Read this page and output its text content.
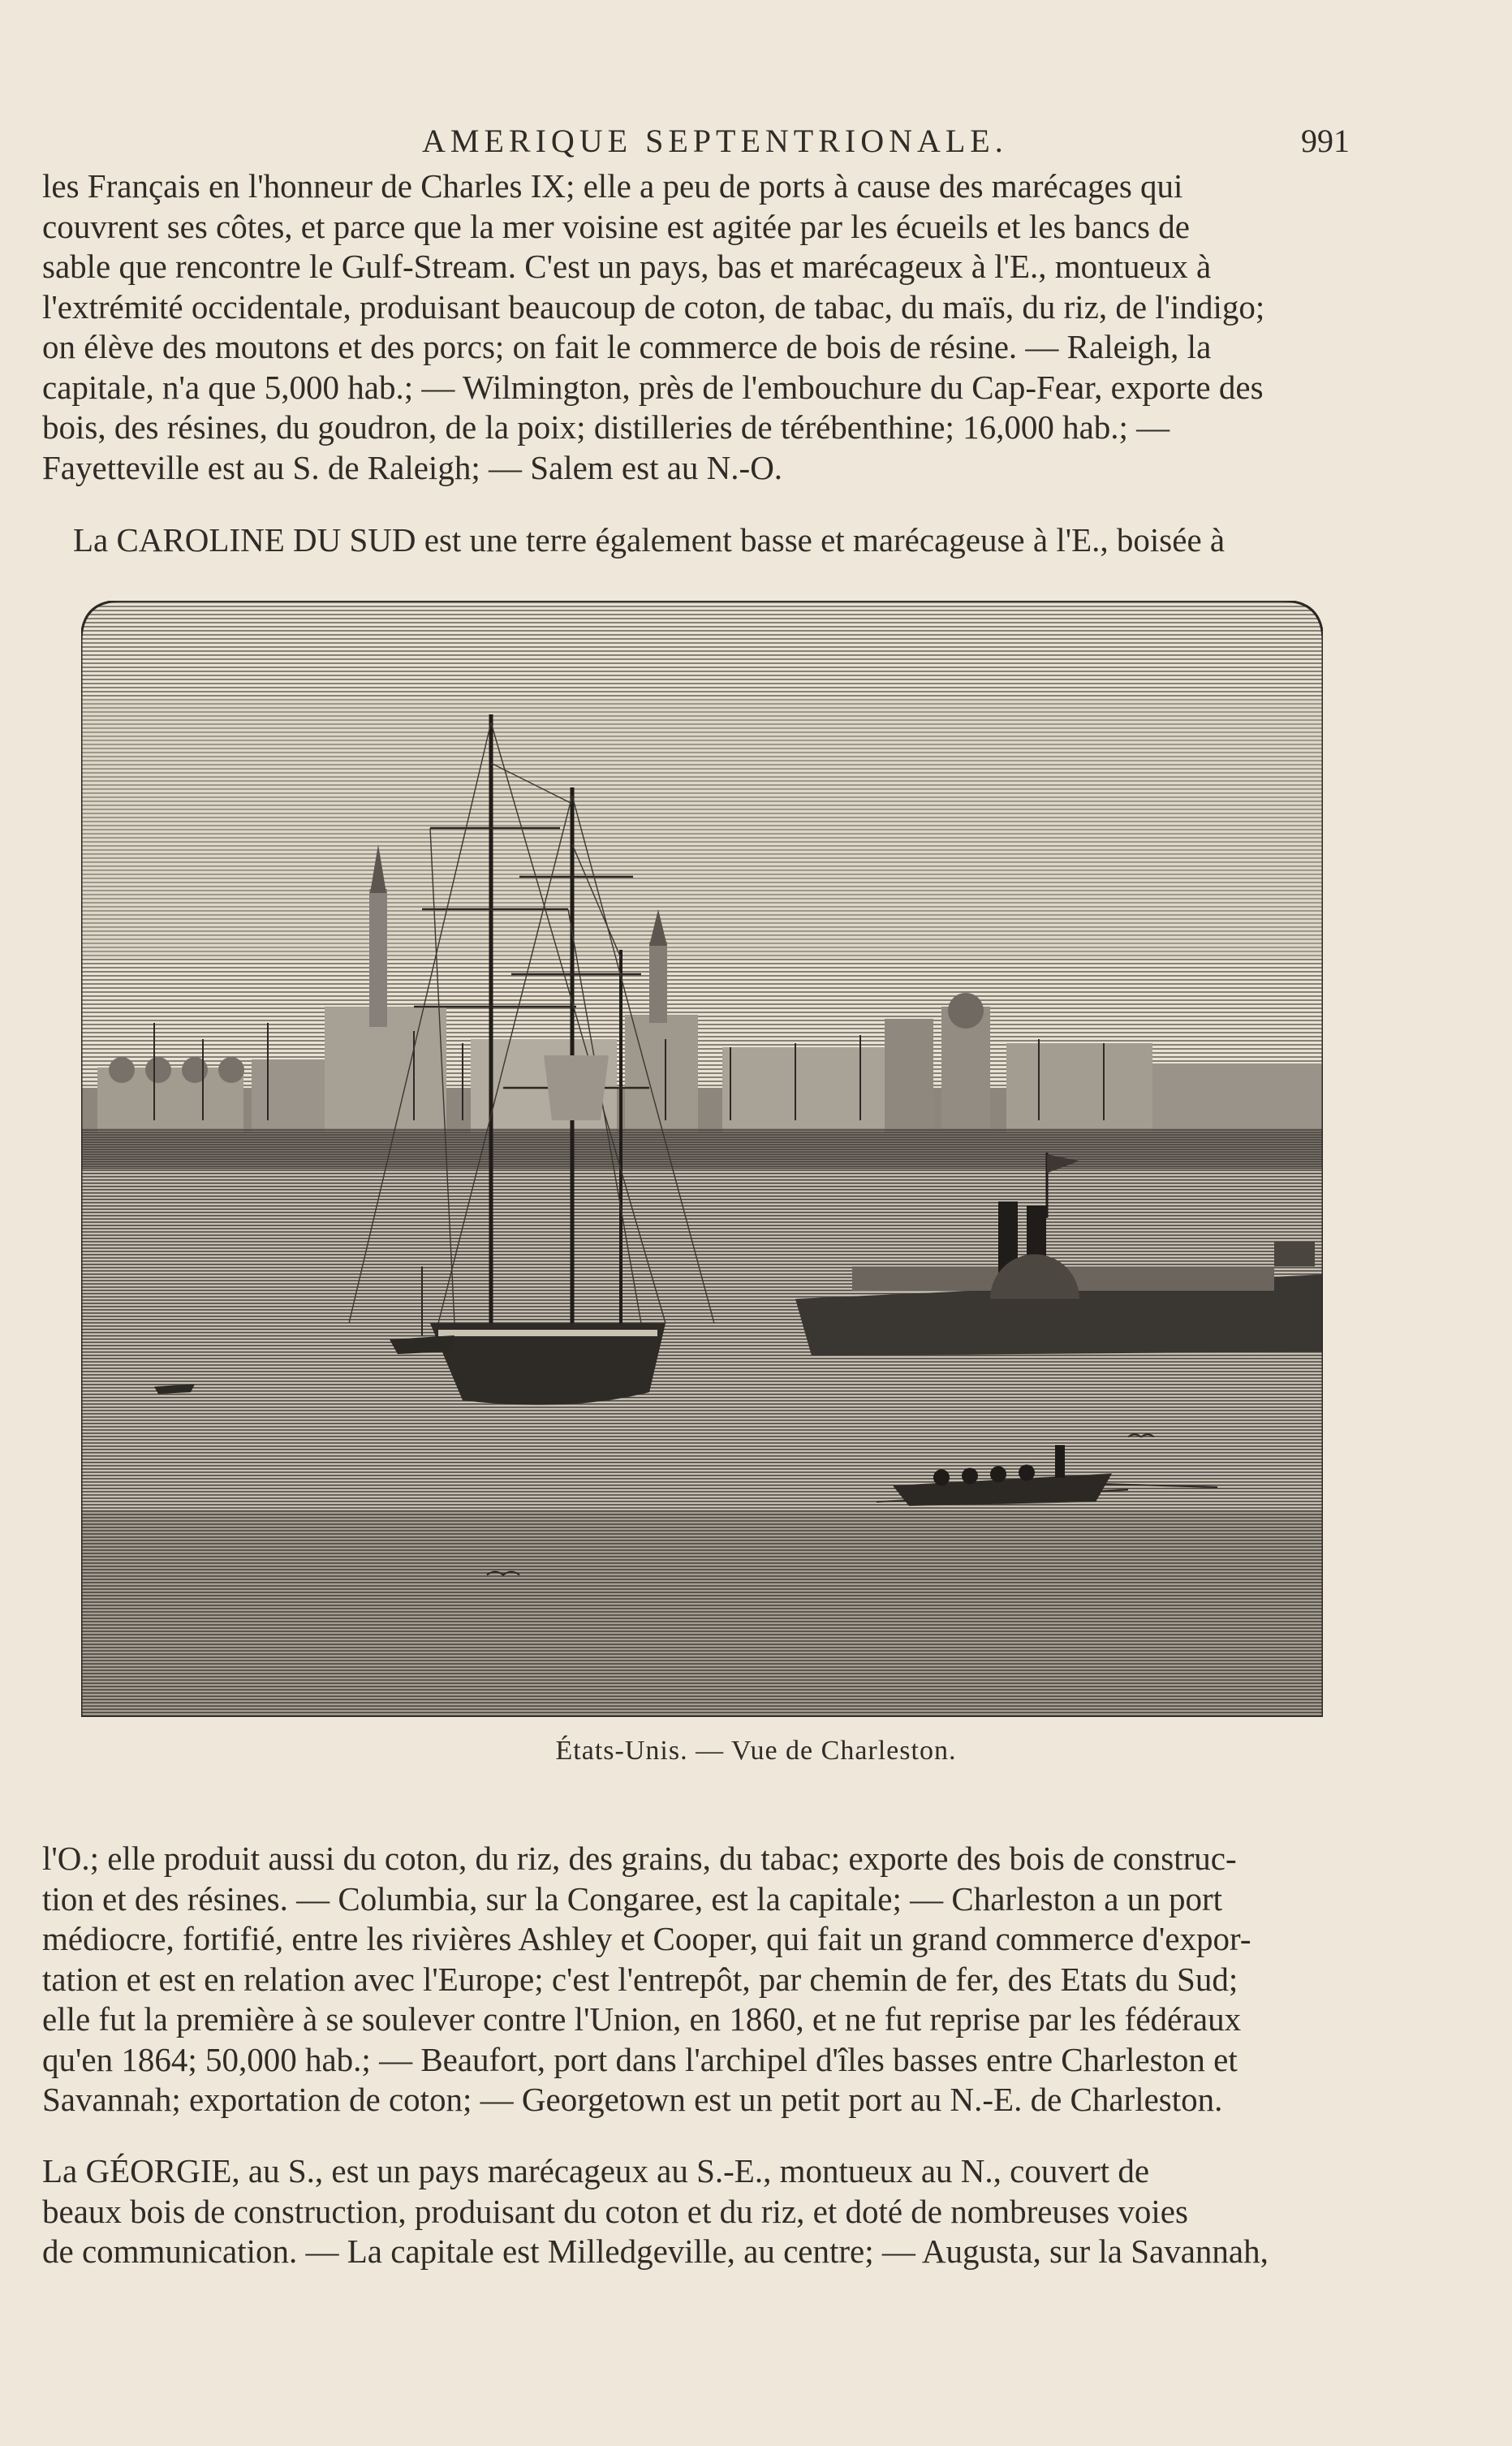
AMERIQUE SEPTENTRIONALE.	991
les Français en l'honneur de Charles IX; elle a peu de ports à cause des marécages qui
couvrent ses côtes, et parce que la mer voisine est agitée par les écueils et les bancs de
sable que rencontre le Gulf-Stream. C'est un pays, bas et marécageux à l'E., montueux à
l'extrémité occidentale, produisant beaucoup de coton, de tabac, du maïs, du riz, de l'indigo;
on élève des moutons et des porcs; on fait le commerce de bois de résine. — Raleigh, la
capitale, n'a que 5,000 hab.; — Wilmington, près de l'embouchure du Cap-Fear, exporte des
bois, des résines, du goudron, de la poix; distilleries de térébenthine; 16,000 hab.; —
Fayetteville est au S. de Raleigh; — Salem est au N.-O.
La CAROLINE DU SUD est une terre également basse et marécageuse à l'E., boisée à
États-Unis. — Vue de Charleston.
l'O.; elle produit aussi du coton, du riz, des grains, du tabac; exporte des bois de construc-
tion et des résines. — Columbia, sur la Congaree, est la capitale; — Charleston a un port
médiocre, fortifié, entre les rivières Ashley et Cooper, qui fait un grand commerce d'expor-
tation et est en relation avec l'Europe; c'est l'entrepôt, par chemin de fer, des Etats du Sud;
elle fut la première à se soulever contre l'Union, en 1860, et ne fut reprise par les fédéraux
qu'en 1864; 50,000 hab.; — Beaufort, port dans l'archipel d'îles basses entre Charleston et
Savannah; exportation de coton; — Georgetown est un petit port au N.-E. de Charleston.
La GÉORGIE, au S., est un pays marécageux au S.-E., montueux au N., couvert de
beaux bois de construction, produisant du coton et du riz, et doté de nombreuses voies
de communication. — La capitale est Milledgeville, au centre; — Augusta, sur la Savannah,
